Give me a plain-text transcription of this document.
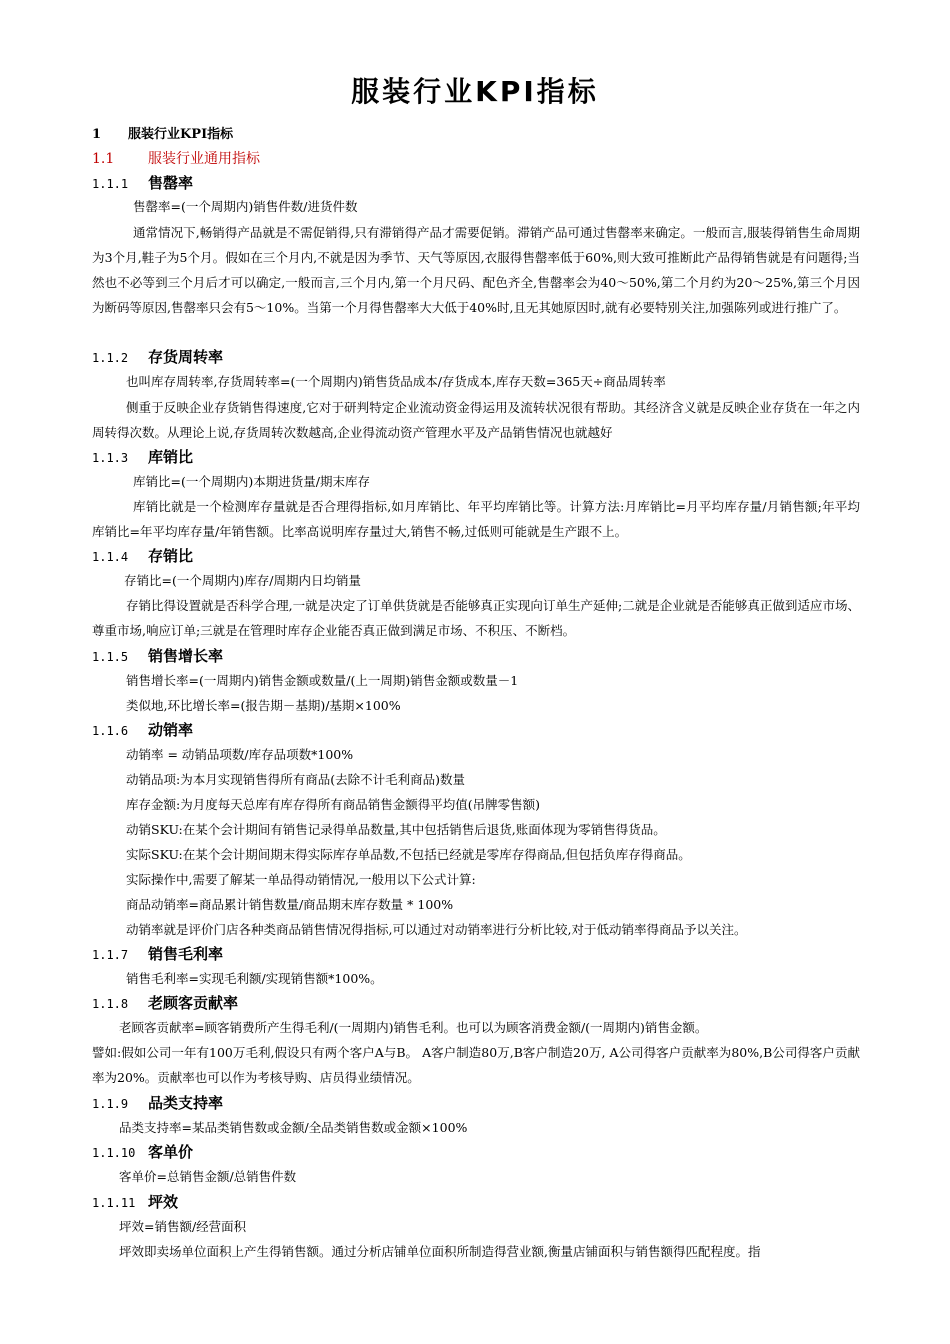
服装行业KPI指标
1 服装行业KPI指标
1.1 服装行业通用指标
1.1.1 售罄率
售罄率=(一个周期内)销售件数/进货件数
通常情况下,畅销得产品就是不需促销得,只有滞销得产品才需要促销。滞销产品可通过售罄率来确定。一般而言,服装得销售生命周期为3个月,鞋子为5个月。假如在三个月内,不就是因为季节、天气等原因,衣服得售罄率低于60%,则大致可推断此产品得销售就是有问题得;当然也不必等到三个月后才可以确定,一般而言,三个月内,第一个月尺码、配色齐全,售罄率会为40～50%,第二个月约为20～25%,第三个月因为断码等原因,售罄率只会有5～10%。当第一个月得售罄率大大低于40%时,且无其她原因时,就有必要特别关注,加强陈列或进行推广了。
1.1.2 存货周转率
也叫库存周转率,存货周转率=(一个周期内)销售货品成本/存货成本,库存天数=365天÷商品周转率
侧重于反映企业存货销售得速度,它对于研判特定企业流动资金得运用及流转状况很有帮助。其经济含义就是反映企业存货在一年之内周转得次数。从理论上说,存货周转次数越高,企业得流动资产管理水平及产品销售情况也就越好
1.1.3 库销比
库销比=(一个周期内)本期进货量/期末库存
库销比就是一个检测库存量就是否合理得指标,如月库销比、年平均库销比等。计算方法:月库销比=月平均库存量/月销售额;年平均库销比=年平均库存量/年销售额。比率高说明库存量过大,销售不畅,过低则可能就是生产跟不上。
1.1.4 存销比
存销比=(一个周期内)库存/周期内日均销量
存销比得设置就是否科学合理,一就是决定了订单供货就是否能够真正实现向订单生产延伸;二就是企业就是否能够真正做到适应市场、尊重市场,响应订单;三就是在管理时库存企业能否真正做到满足市场、不积压、不断档。
1.1.5 销售增长率
销售增长率=(一周期内)销售金额或数量/(上一周期)销售金额或数量－1
类似地,环比增长率=(报告期－基期)/基期×100%
1.1.6 动销率
动销率 = 动销品项数/库存品项数*100%
动销品项:为本月实现销售得所有商品(去除不计毛利商品)数量
库存金额:为月度每天总库有库存得所有商品销售金额得平均值(吊牌零售额)
动销SKU:在某个会计期间有销售记录得单品数量,其中包括销售后退货,账面体现为零销售得货品。
实际SKU:在某个会计期间期末得实际库存单品数,不包括已经就是零库存得商品,但包括负库存得商品。
实际操作中,需要了解某一单品得动销情况,一般用以下公式计算:
商品动销率=商品累计销售数量/商品期末库存数量 * 100%
动销率就是评价门店各种类商品销售情况得指标,可以通过对动销率进行分析比较,对于低动销率得商品予以关注。
1.1.7 销售毛利率
销售毛利率=实现毛利额/实现销售额*100%。
1.1.8 老顾客贡献率
老顾客贡献率=顾客销费所产生得毛利/(一周期内)销售毛利。也可以为顾客消费金额/(一周期内)销售金额。
譬如:假如公司一年有100万毛利,假设只有两个客户A与B。 A客户制造80万,B客户制造20万, A公司得客户贡献率为80%,B公司得客户贡献率为20%。贡献率也可以作为考核导购、店员得业绩情况。
1.1.9 品类支持率
品类支持率=某品类销售数或金额/全品类销售数或金额×100%
1.1.10 客单价
客单价=总销售金额/总销售件数
1.1.11 坪效
坪效=销售额/经营面积
坪效即卖场单位面积上产生得销售额。通过分析店铺单位面积所制造得营业额,衡量店铺面积与销售额得匹配程度。指
